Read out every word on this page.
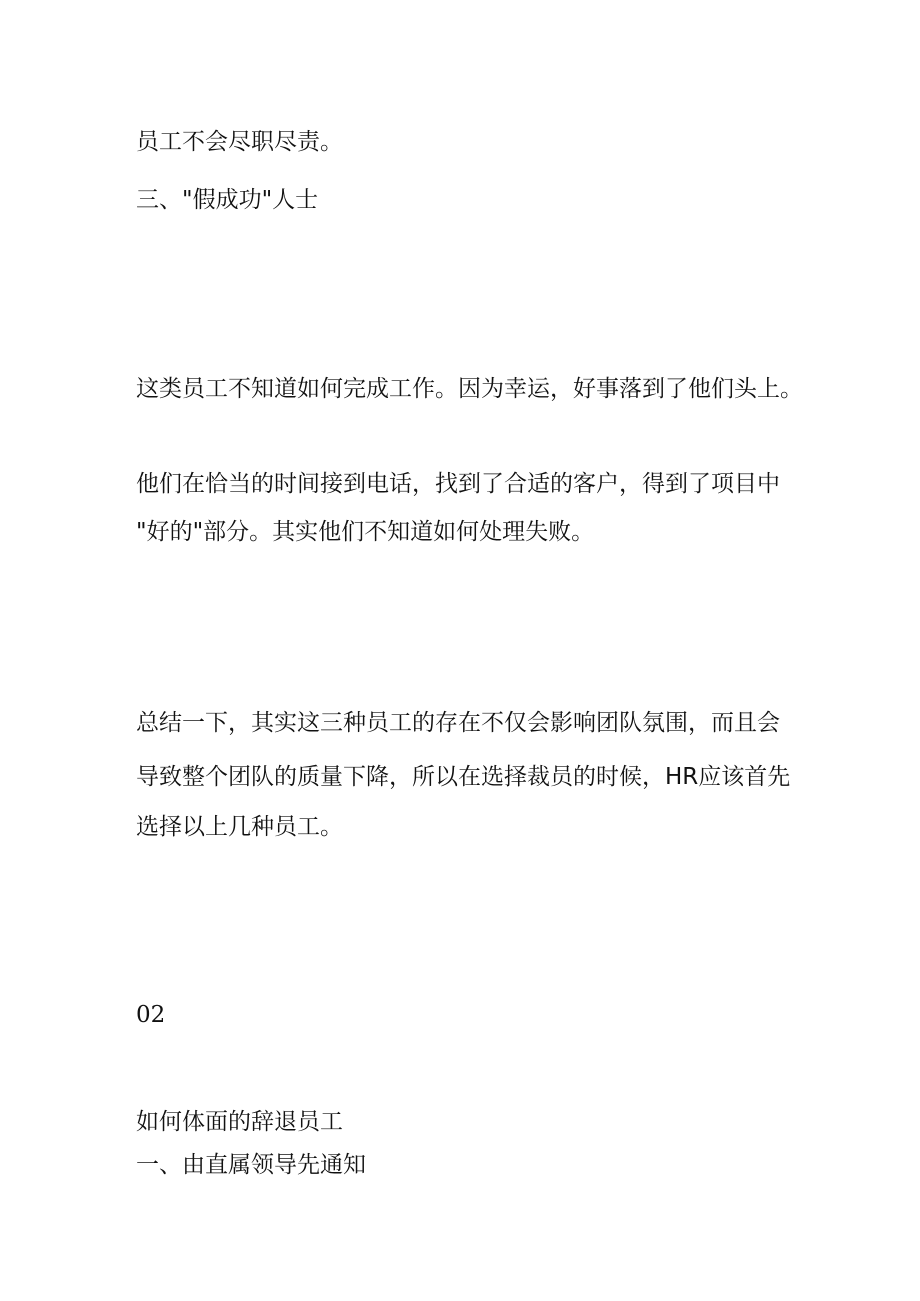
员工不会尽职尽责。

三、"假成功"人士

这类员工不知道如何完成工作。因为幸运，好事落到了他们头上。

他们在恰当的时间接到电话，找到了合适的客户，得到了项目中

"好的"部分。其实他们不知道如何处理失败。

总结一下，其实这三种员工的存在不仅会影响团队氛围，而且会

导致整个团队的质量下降，所以在选择裁员的时候，HR应该首先

选择以上几种员工。

02

如何体面的辞退员工

一、由直属领导先通知
